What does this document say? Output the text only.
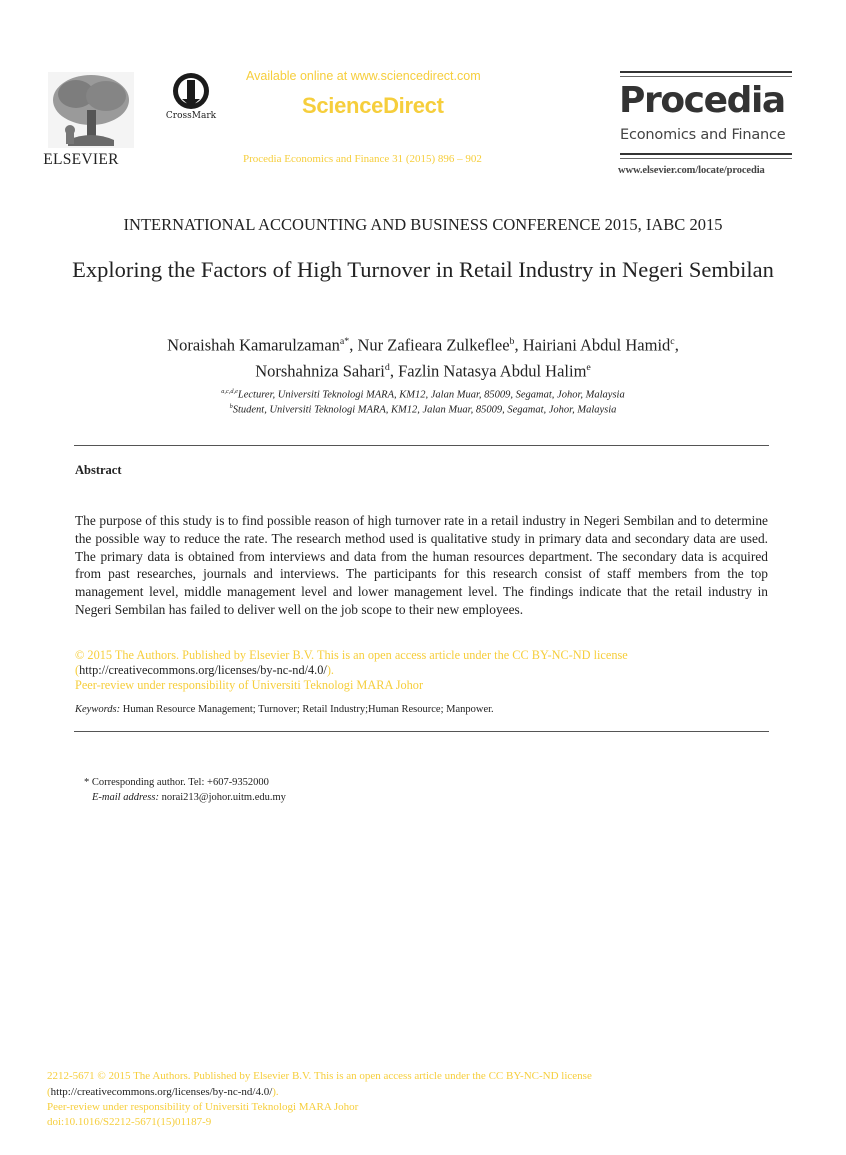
ELSEVIER
CrossMark
Available online at www.sciencedirect.com
ScienceDirect
Procedia Economics and Finance 31 (2015) 896 – 902
Procedia
Economics and Finance
www.elsevier.com/locate/procedia
INTERNATIONAL ACCOUNTING AND BUSINESS CONFERENCE 2015, IABC 2015
Exploring the Factors of High Turnover in Retail Industry in Negeri Sembilan
Noraishah Kamarulzaman$^{a*}$, Nur Zafieara Zulkeflee$^b$, Hairiani Abdul Hamid$^c$,
Norshahniza Sahari$^d$, Fazlin Natasya Abdul Halim$^e$
$^{a,c,d,e}$Lecturer, Universiti Teknologi MARA, KM12, Jalan Muar, 85009, Segamat, Johor, Malaysia
$^b$Student, Universiti Teknologi MARA, KM12, Jalan Muar, 85009, Segamat, Johor, Malaysia
Abstract
The purpose of this study is to find possible reason of high turnover rate in a retail industry in Negeri Sembilan and to determine the possible way to reduce the rate. The research method used is qualitative study in primary data and secondary data are used. The primary data is obtained from interviews and data from the human resources department. The secondary data is acquired from past researches, journals and interviews. The participants for this research consist of staff members from the top management level, middle management level and lower management level. The findings indicate that the retail industry in Negeri Sembilan has failed to deliver well on the job scope to their new employees.
© 2015 The Authors. Published by Elsevier B.V. This is an open access article under the CC BY-NC-ND license
(http://creativecommons.org/licenses/by-nc-nd/4.0/).
Peer-review under responsibility of Universiti Teknologi MARA Johor
Keywords: Human Resource Management; Turnover; Retail Industry;Human Resource; Manpower.
* Corresponding author. Tel: +607-9352000
E-mail address: norai213@johor.uitm.edu.my
2212-5671 © 2015 The Authors. Published by Elsevier B.V. This is an open access article under the CC BY-NC-ND license
(http://creativecommons.org/licenses/by-nc-nd/4.0/).
Peer-review under responsibility of Universiti Teknologi MARA Johor
doi:10.1016/S2212-5671(15)01187-9
